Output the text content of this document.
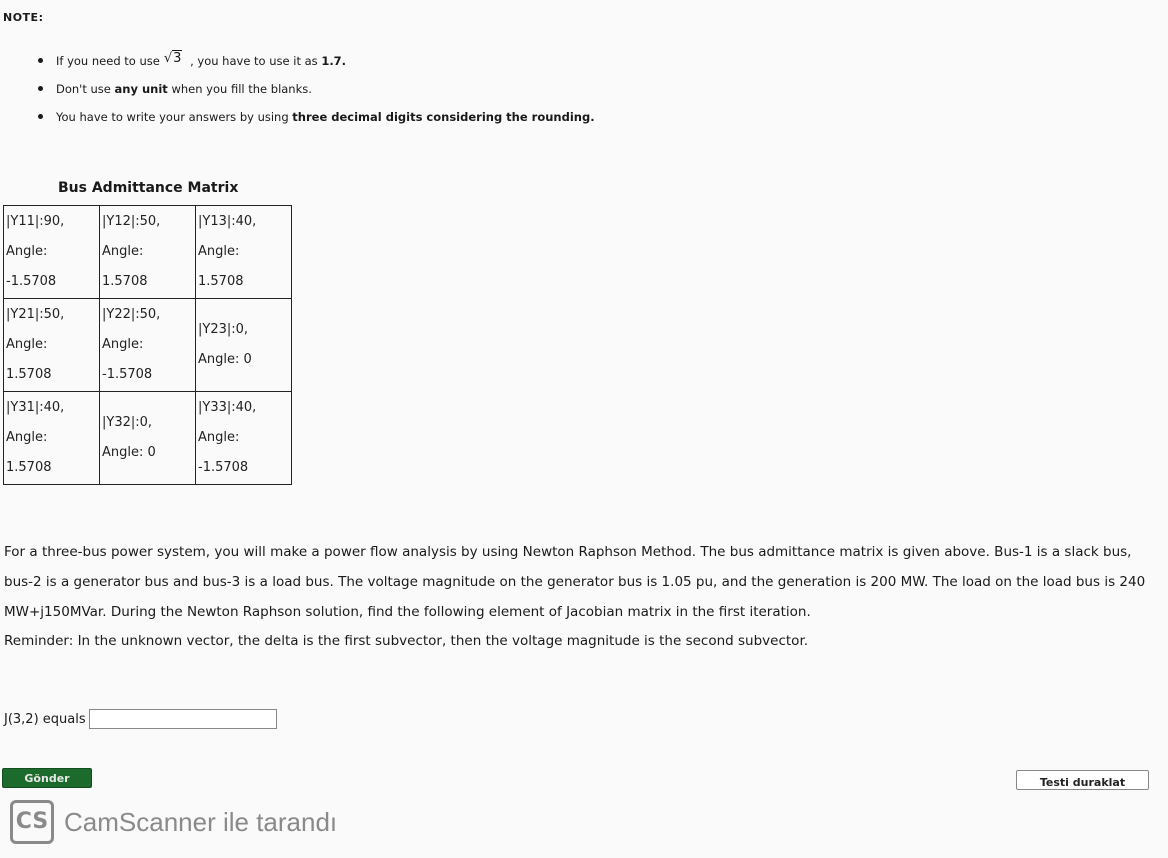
NOTE:
If you need to use √3 , you have to use it as 1.7.
Don't use any unit when you fill the blanks.
You have to write your answers by using three decimal digits considering the rounding.
Bus Admittance Matrix
|Y11|:90,
Angle:
-1.5708	|Y12|:50,
Angle:
1.5708	|Y13|:40,
Angle:
1.5708

|Y21|:50,
Angle:
1.5708	|Y22|:50,
Angle:
-1.5708	|Y23|:0,
Angle: 0

|Y31|:40,
Angle:
1.5708	|Y32|:0,
Angle: 0	|Y33|:40,
Angle:
-1.5708
For a three-bus power system, you will make a power flow analysis by using Newton Raphson Method. The bus admittance matrix is given above. Bus-1 is a slack bus, bus-2 is a generator bus and bus-3 is a load bus. The voltage magnitude on the generator bus is 1.05 pu, and the generation is 200 MW. The load on the load bus is 240 MW+j150MVar. During the Newton Raphson solution, find the following element of Jacobian matrix in the first iteration.
Reminder: In the unknown vector, the delta is the first subvector, then the voltage magnitude is the second subvector.
J(3,2) equals
Gönder	Testi duraklat
CS CamScanner ile tarandı
